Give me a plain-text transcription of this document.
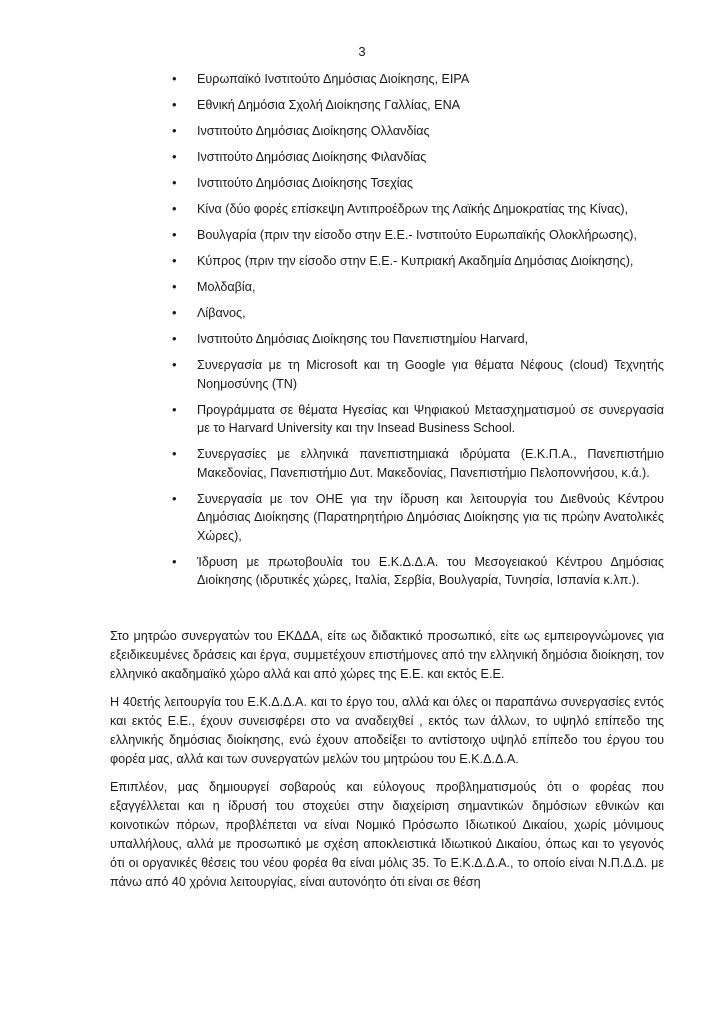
3
• Ευρωπαϊκό Ινστιτούτο Δημόσιας Διοίκησης, EIPA
• Εθνική Δημόσια Σχολή Διοίκησης Γαλλίας, ΕΝΑ
• Ινστιτούτο Δημόσιας Διοίκησης Ολλανδίας
• Ινστιτούτο Δημόσιας Διοίκησης Φιλανδίας
• Ινστιτούτο Δημόσιας Διοίκησης Τσεχίας
• Κίνα (δύο φορές επίσκεψη Αντιπροέδρων της Λαϊκής Δημοκρατίας της Κίνας),
• Βουλγαρία (πριν την είσοδο στην Ε.Ε.- Ινστιτούτο Ευρωπαϊκής Ολοκλήρωσης),
• Κύπρος (πριν την είσοδο στην Ε.Ε.- Κυπριακή Ακαδημία Δημόσιας Διοίκησης),
• Μολδαβία,
• Λίβανος,
• Ινστιτούτο Δημόσιας Διοίκησης του Πανεπιστημίου Harvard,
• Συνεργασία με τη Microsoft και τη Google για θέματα Νέφους (cloud) Τεχνητής Νοημοσύνης (ΤΝ)
• Προγράμματα σε θέματα Ηγεσίας και Ψηφιακού Μετασχηματισμού σε συνεργασία με το Harvard University και την Insead Business School.
• Συνεργασίες με ελληνικά πανεπιστημιακά ιδρύματα (Ε.Κ.Π.Α., Πανεπιστήμιο Μακεδονίας, Πανεπιστήμιο Δυτ. Μακεδονίας, Πανεπιστήμιο Πελοποννήσου, κ.ά.).
• Συνεργασία με τον ΟΗΕ για την ίδρυση και λειτουργία του Διεθνούς Κέντρου Δημόσιας Διοίκησης (Παρατηρητήριο Δημόσιας Διοίκησης για τις πρώην Ανατολικές Χώρες),
• Ίδρυση με πρωτοβουλία του Ε.Κ.Δ.Δ.Α. του Μεσογειακού Κέντρου Δημόσιας Διοίκησης (ιδρυτικές χώρες, Ιταλία, Σερβία, Βουλγαρία, Τυνησία, Ισπανία κ.λπ.).

Στο μητρώο συνεργατών του ΕΚΔΔΑ, είτε ως διδακτικό προσωπικό, είτε ως εμπειρογνώμονες για εξειδικευμένες δράσεις και έργα, συμμετέχουν επιστήμονες από την ελληνική δημόσια διοίκηση, τον ελληνικό ακαδημαϊκό χώρο αλλά και από χώρες της Ε.Ε. και εκτός Ε.Ε.

Η 40ετής λειτουργία του Ε.Κ.Δ.Δ.Α. και το έργο του, αλλά και όλες οι παραπάνω συνεργασίες εντός και εκτός Ε.Ε., έχουν συνεισφέρει στο να αναδειχθεί , εκτός των άλλων, το υψηλό επίπεδο της ελληνικής δημόσιας διοίκησης, ενώ έχουν αποδείξει το αντίστοιχο υψηλό επίπεδο του έργου του φορέα μας, αλλά και των συνεργατών μελών του μητρώου του Ε.Κ.Δ.Δ.Α.

Επιπλέον, μας δημιουργεί σοβαρούς και εύλογους προβληματισμούς ότι ο φορέας που εξαγγέλλεται και η ίδρυσή του στοχεύει στην διαχείριση σημαντικών δημόσιων εθνικών και κοινοτικών πόρων, προβλέπεται να είναι Νομικό Πρόσωπο Ιδιωτικού Δικαίου, χωρίς μόνιμους υπαλλήλους, αλλά με προσωπικό με σχέση αποκλειστικά Ιδιωτικού Δικαίου, όπως και το γεγονός ότι οι οργανικές θέσεις του νέου φορέα θα είναι μόλις 35. Το Ε.Κ.Δ.Δ.Α., το οποίο είναι Ν.Π.Δ.Δ. με πάνω από 40 χρόνια λειτουργίας, είναι αυτονόητο ότι είναι σε θέση
